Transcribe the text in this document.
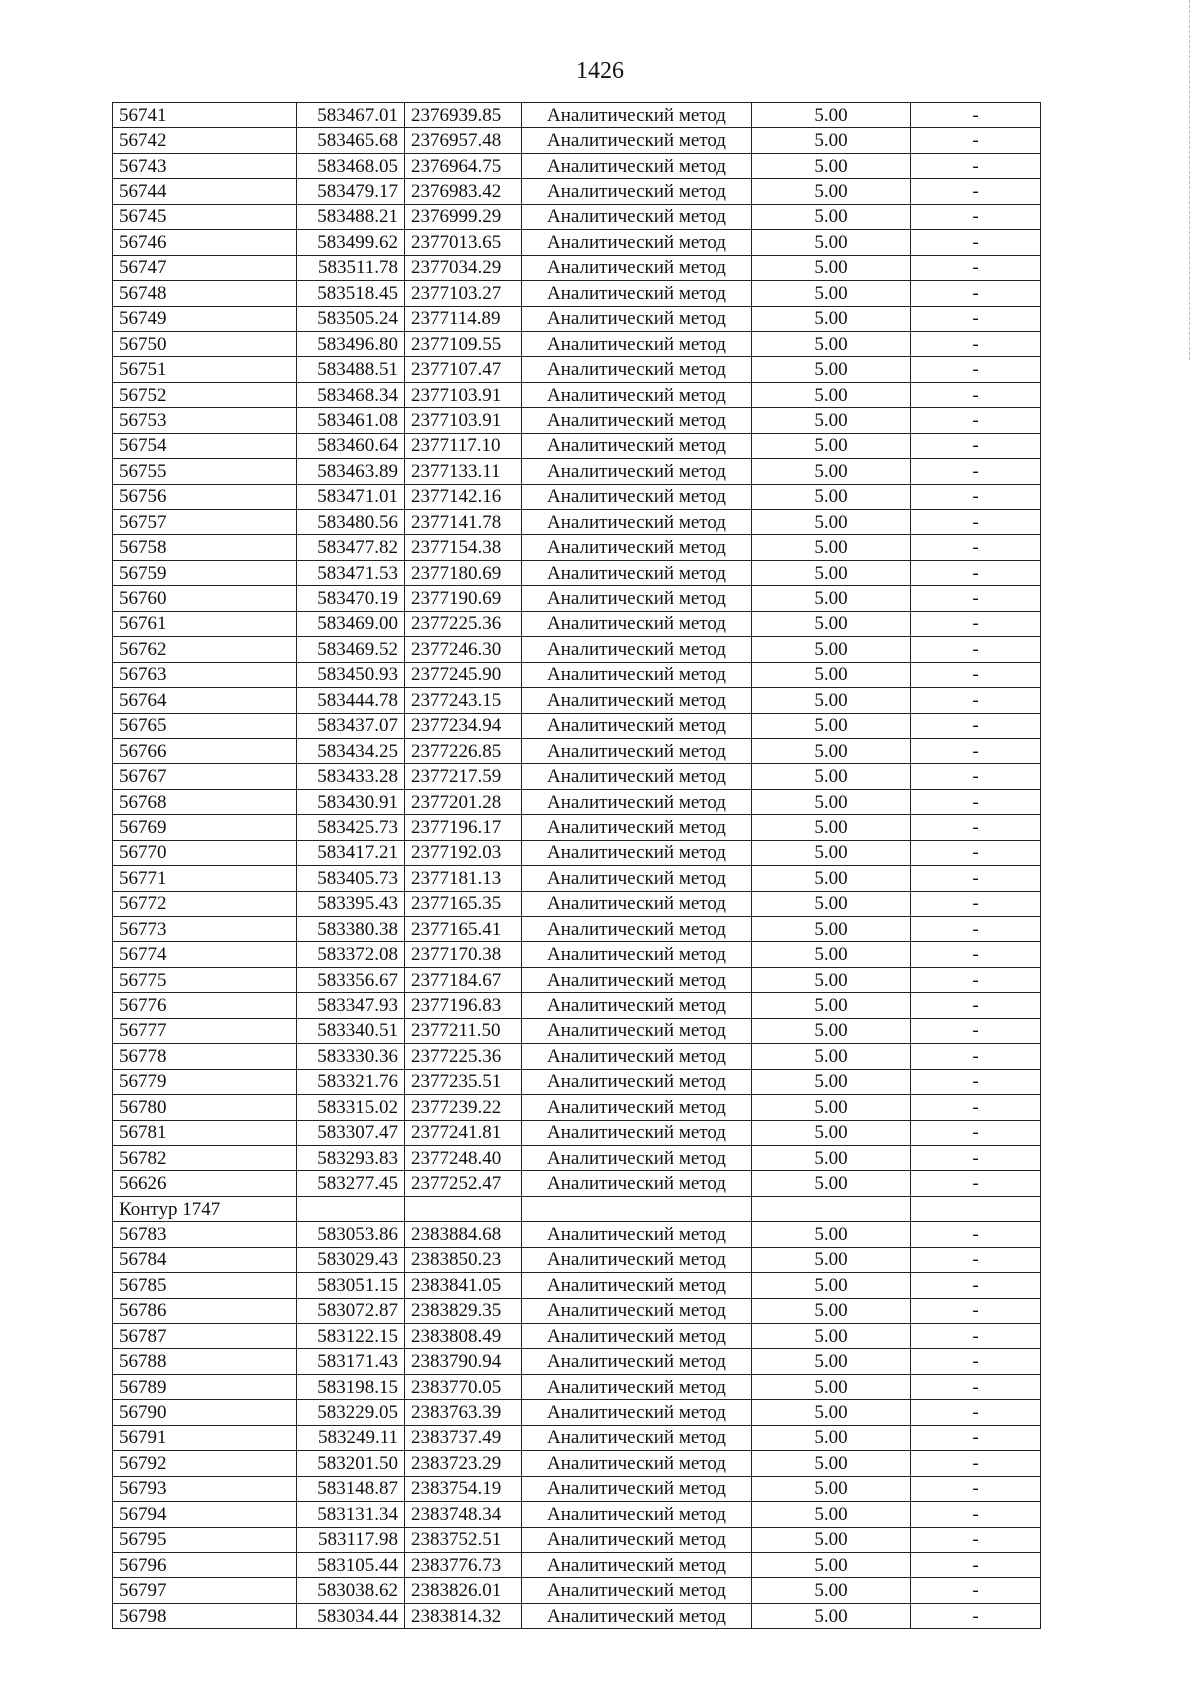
1426
56741	583467.01	2376939.85	Аналитический метод	5.00	-
56742	583465.68	2376957.48	Аналитический метод	5.00	-
56743	583468.05	2376964.75	Аналитический метод	5.00	-
56744	583479.17	2376983.42	Аналитический метод	5.00	-
56745	583488.21	2376999.29	Аналитический метод	5.00	-
56746	583499.62	2377013.65	Аналитический метод	5.00	-
56747	583511.78	2377034.29	Аналитический метод	5.00	-
56748	583518.45	2377103.27	Аналитический метод	5.00	-
56749	583505.24	2377114.89	Аналитический метод	5.00	-
56750	583496.80	2377109.55	Аналитический метод	5.00	-
56751	583488.51	2377107.47	Аналитический метод	5.00	-
56752	583468.34	2377103.91	Аналитический метод	5.00	-
56753	583461.08	2377103.91	Аналитический метод	5.00	-
56754	583460.64	2377117.10	Аналитический метод	5.00	-
56755	583463.89	2377133.11	Аналитический метод	5.00	-
56756	583471.01	2377142.16	Аналитический метод	5.00	-
56757	583480.56	2377141.78	Аналитический метод	5.00	-
56758	583477.82	2377154.38	Аналитический метод	5.00	-
56759	583471.53	2377180.69	Аналитический метод	5.00	-
56760	583470.19	2377190.69	Аналитический метод	5.00	-
56761	583469.00	2377225.36	Аналитический метод	5.00	-
56762	583469.52	2377246.30	Аналитический метод	5.00	-
56763	583450.93	2377245.90	Аналитический метод	5.00	-
56764	583444.78	2377243.15	Аналитический метод	5.00	-
56765	583437.07	2377234.94	Аналитический метод	5.00	-
56766	583434.25	2377226.85	Аналитический метод	5.00	-
56767	583433.28	2377217.59	Аналитический метод	5.00	-
56768	583430.91	2377201.28	Аналитический метод	5.00	-
56769	583425.73	2377196.17	Аналитический метод	5.00	-
56770	583417.21	2377192.03	Аналитический метод	5.00	-
56771	583405.73	2377181.13	Аналитический метод	5.00	-
56772	583395.43	2377165.35	Аналитический метод	5.00	-
56773	583380.38	2377165.41	Аналитический метод	5.00	-
56774	583372.08	2377170.38	Аналитический метод	5.00	-
56775	583356.67	2377184.67	Аналитический метод	5.00	-
56776	583347.93	2377196.83	Аналитический метод	5.00	-
56777	583340.51	2377211.50	Аналитический метод	5.00	-
56778	583330.36	2377225.36	Аналитический метод	5.00	-
56779	583321.76	2377235.51	Аналитический метод	5.00	-
56780	583315.02	2377239.22	Аналитический метод	5.00	-
56781	583307.47	2377241.81	Аналитический метод	5.00	-
56782	583293.83	2377248.40	Аналитический метод	5.00	-
56626	583277.45	2377252.47	Аналитический метод	5.00	-
Контур 1747					
56783	583053.86	2383884.68	Аналитический метод	5.00	-
56784	583029.43	2383850.23	Аналитический метод	5.00	-
56785	583051.15	2383841.05	Аналитический метод	5.00	-
56786	583072.87	2383829.35	Аналитический метод	5.00	-
56787	583122.15	2383808.49	Аналитический метод	5.00	-
56788	583171.43	2383790.94	Аналитический метод	5.00	-
56789	583198.15	2383770.05	Аналитический метод	5.00	-
56790	583229.05	2383763.39	Аналитический метод	5.00	-
56791	583249.11	2383737.49	Аналитический метод	5.00	-
56792	583201.50	2383723.29	Аналитический метод	5.00	-
56793	583148.87	2383754.19	Аналитический метод	5.00	-
56794	583131.34	2383748.34	Аналитический метод	5.00	-
56795	583117.98	2383752.51	Аналитический метод	5.00	-
56796	583105.44	2383776.73	Аналитический метод	5.00	-
56797	583038.62	2383826.01	Аналитический метод	5.00	-
56798	583034.44	2383814.32	Аналитический метод	5.00	-
